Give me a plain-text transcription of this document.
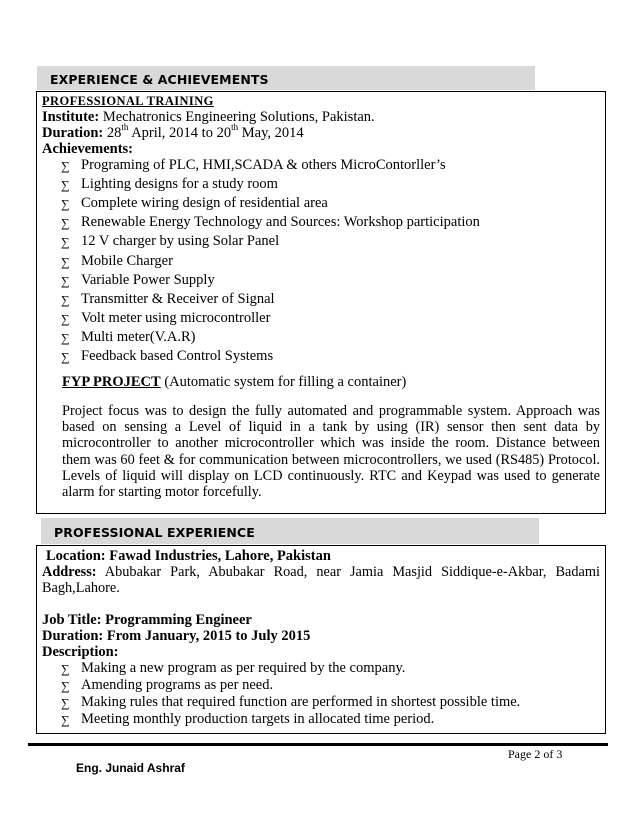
EXPERIENCE & ACHIEVEMENTS
PROFESSIONAL TRAINING
Institute: Mechatronics Engineering Solutions, Pakistan.
Duration: 28th April, 2014 to 20th May, 2014
Achievements:
∑ Programing of PLC, HMI,SCADA & others MicroContorller’s
∑ Lighting designs for a study room
∑ Complete wiring design of residential area
∑ Renewable Energy Technology and Sources: Workshop participation
∑ 12 V charger by using Solar Panel
∑ Mobile Charger
∑ Variable Power Supply
∑ Transmitter & Receiver of Signal
∑ Volt meter using microcontroller
∑ Multi meter(V.A.R)
∑ Feedback based Control Systems
FYP PROJECT (Automatic system for filling a container)
Project focus was to design the fully automated and programmable system. Approach was based on sensing a Level of liquid in a tank by using (IR) sensor then sent data by microcontroller to another microcontroller which was inside the room. Distance between them was 60 feet & for communication between microcontrollers, we used (RS485) Protocol. Levels of liquid will display on LCD continuously. RTC and Keypad was used to generate alarm for starting motor forcefully.
PROFESSIONAL EXPERIENCE
Location: Fawad Industries, Lahore, Pakistan
Address: Abubakar Park, Abubakar Road, near Jamia Masjid Siddique-e-Akbar, Badami Bagh,Lahore.
Job Title: Programming Engineer
Duration: From January, 2015 to July 2015
Description:
∑ Making a new program as per required by the company.
∑ Amending programs as per need.
∑ Making rules that required function are performed in shortest possible time.
∑ Meeting monthly production targets in allocated time period.
Page 2 of 3
Eng. Junaid Ashraf
